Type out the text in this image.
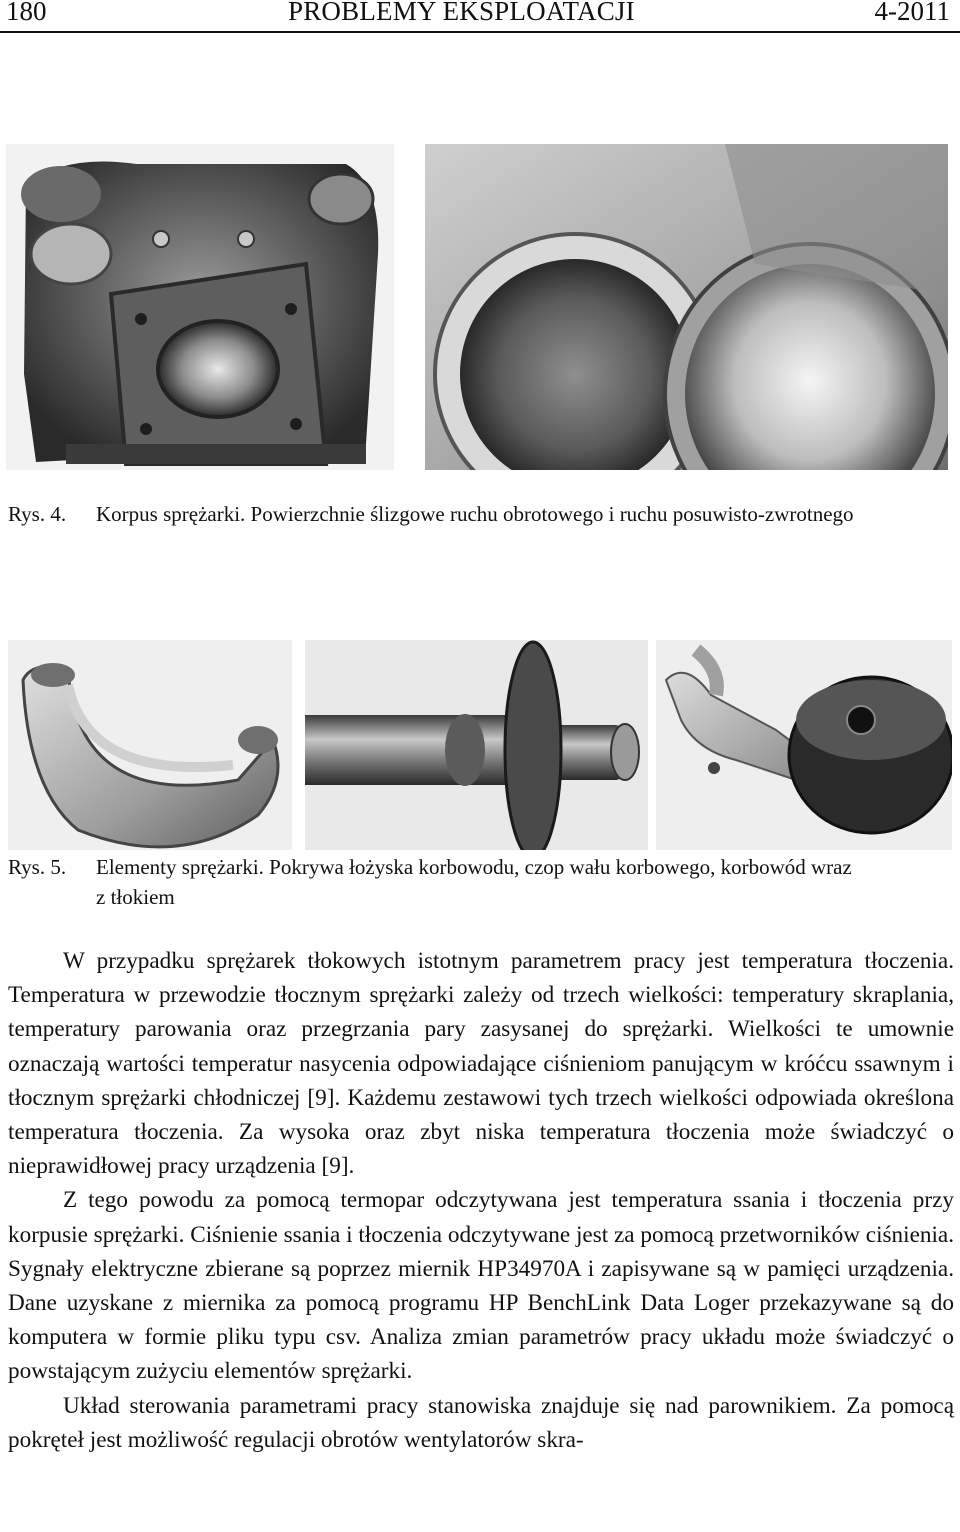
180	PROBLEMY EKSPLOATACJI	4-2011
Rys. 4. Korpus sprężarki. Powierzchnie ślizgowe ruchu obrotowego i ruchu posuwisto-zwrotnego
Rys. 5. Elementy sprężarki. Pokrywa łożyska korbowodu, czop wału korbowego, korbowód wraz
z tłokiem

W przypadku sprężarek tłokowych istotnym parametrem pracy jest temperatura tłoczenia. Temperatura w przewodzie tłocznym sprężarki zależy od trzech wielkości: temperatury skraplania, temperatury parowania oraz przegrzania pary zasysanej do sprężarki. Wielkości te umownie oznaczają wartości temperatur nasycenia odpowiadające ciśnieniom panującym w króćcu ssawnym i tłocznym sprężarki chłodniczej [9]. Każdemu zestawowi tych trzech wielkości odpowiada określona temperatura tłoczenia. Za wysoka oraz zbyt niska temperatura tłoczenia może świadczyć o nieprawidłowej pracy urządzenia [9].

Z tego powodu za pomocą termopar odczytywana jest temperatura ssania i tłoczenia przy korpusie sprężarki. Ciśnienie ssania i tłoczenia odczytywane jest za pomocą przetworników ciśnienia. Sygnały elektryczne zbierane są poprzez miernik HP34970A i zapisywane są w pamięci urządzenia. Dane uzyskane z miernika za pomocą programu HP BenchLink Data Loger przekazywane są do komputera w formie pliku typu csv. Analiza zmian parametrów pracy układu może świadczyć o powstającym zużyciu elementów sprężarki.

Układ sterowania parametrami pracy stanowiska znajduje się nad parownikiem. Za pomocą pokręteł jest możliwość regulacji obrotów wentylatorów skra-
